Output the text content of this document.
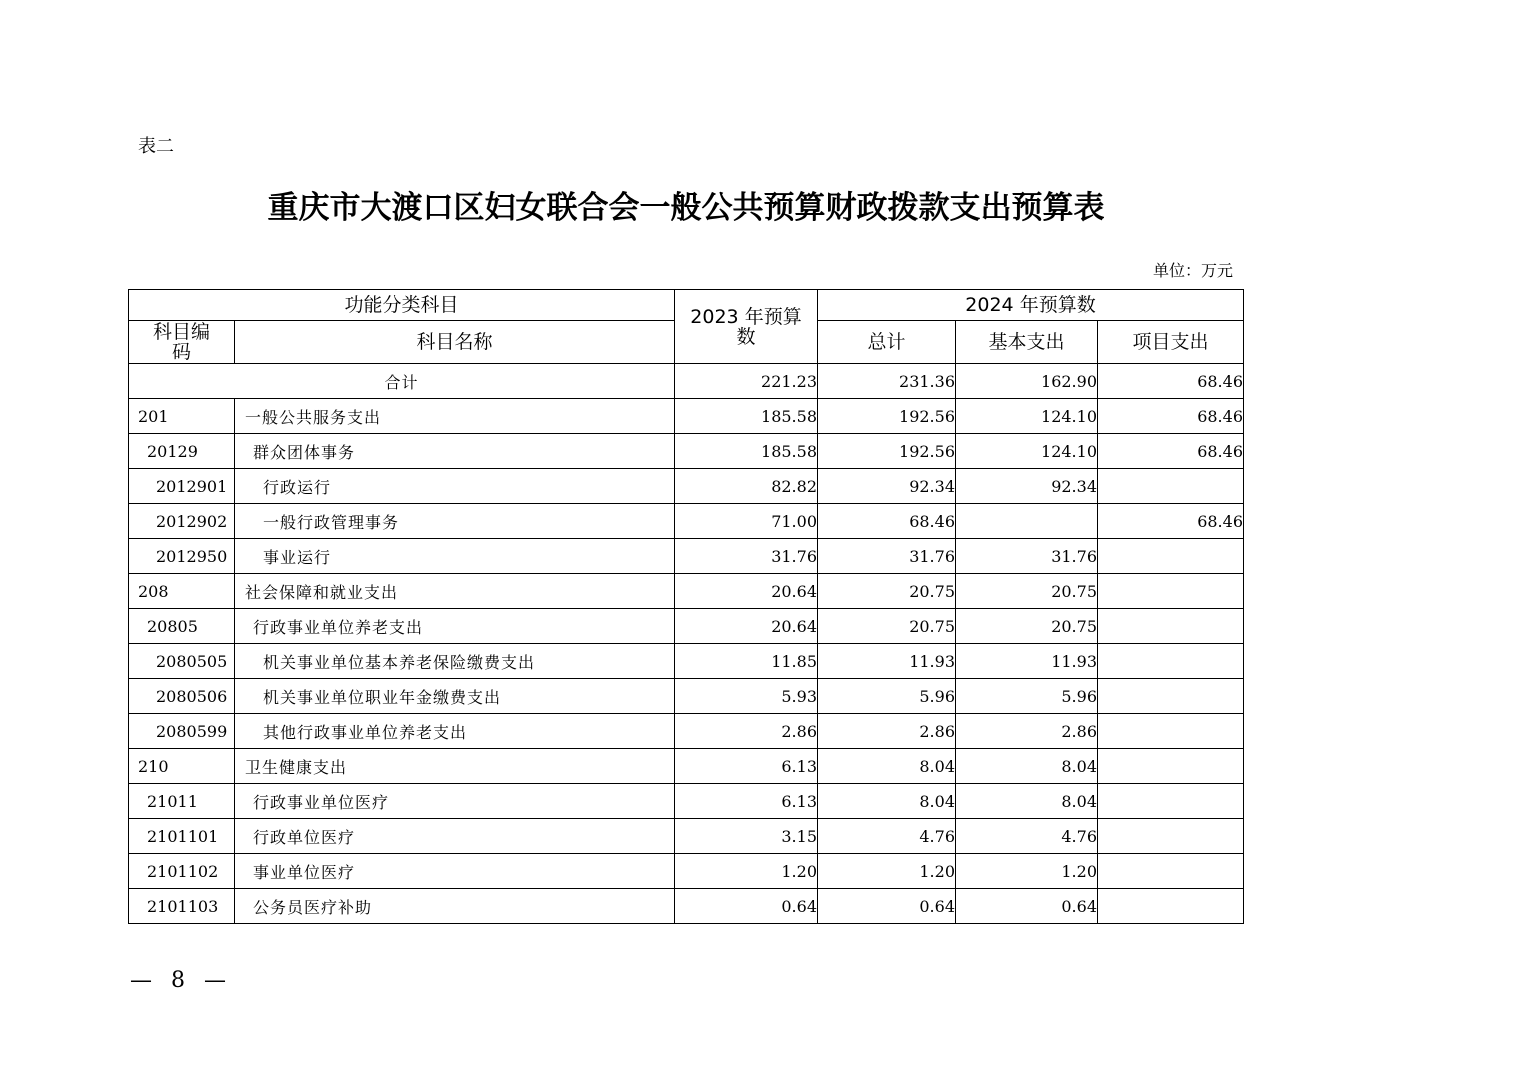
表二
重庆市大渡口区妇女联合会一般公共预算财政拨款支出预算表
单位：万元
功能分类科目		2023 年预算数	2024 年预算数		
科目编码	科目名称		总计	基本支出	项目支出
合计		221.23	231.36	162.90	68.46
201	一般公共服务支出	185.58	192.56	124.10	68.46
20129	群众团体事务	185.58	192.56	124.10	68.46
2012901	行政运行	82.82	92.34	92.34	
2012902	一般行政管理事务	71.00	68.46		68.46
2012950	事业运行	31.76	31.76	31.76	
208	社会保障和就业支出	20.64	20.75	20.75	
20805	行政事业单位养老支出	20.64	20.75	20.75	
2080505	机关事业单位基本养老保险缴费支出	11.85	11.93	11.93	
2080506	机关事业单位职业年金缴费支出	5.93	5.96	5.96	
2080599	其他行政事业单位养老支出	2.86	2.86	2.86	
210	卫生健康支出	6.13	8.04	8.04	
21011	行政事业单位医疗	6.13	8.04	8.04	
2101101	行政单位医疗	3.15	4.76	4.76	
2101102	事业单位医疗	1.20	1.20	1.20	
2101103	公务员医疗补助	0.64	0.64	0.64	
— 8 —
